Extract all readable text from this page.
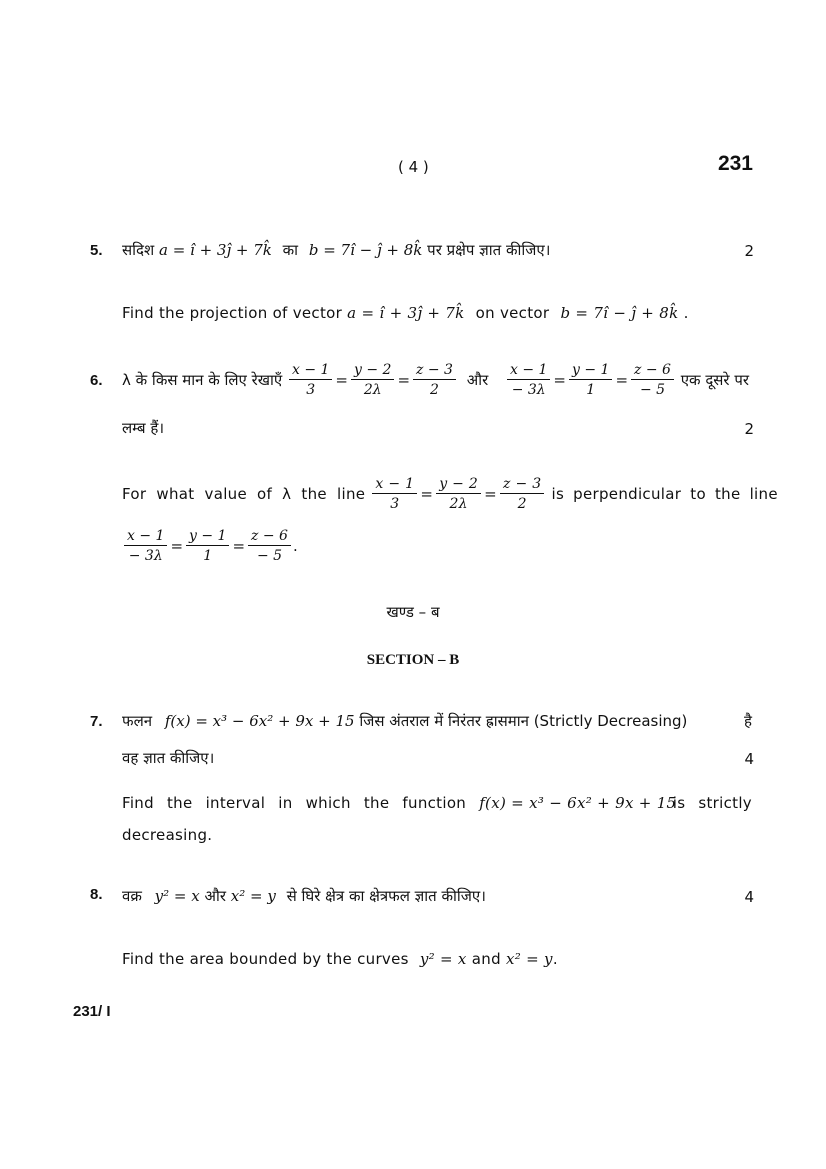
( 4 )	231
5. सदिश a = î + 3ĵ + 7k̂ का b = 7î − ĵ + 8k̂ पर प्रक्षेप ज्ञात कीजिए।	2
Find the projection of vector a = î + 3ĵ + 7k̂ on vector b = 7î − ĵ + 8k̂ .
6. λ के किस मान के लिए रेखाएँ $\frac{x - 1}{3} = \frac{y - 2}{2\lambda} = \frac{z - 3}{2}$ और $\frac{x - 1}{- 3\lambda} = \frac{y - 1}{1} = \frac{z - 6}{- 5}$ एक दूसरे पर
लम्ब हैं।	2
For what value of λ the line $\frac{x - 1}{3} = \frac{y - 2}{2\lambda} = \frac{z - 3}{2}$ is perpendicular to the line
$\frac{x - 1}{- 3\lambda} = \frac{y - 1}{1} = \frac{z - 6}{- 5}$ .
खण्ड – ब
SECTION – B
7. फलन f(x) = x³ − 6x² + 9x + 15 जिस अंतराल में निरंतर ह्रासमान (Strictly Decreasing)	है
वह ज्ञात कीजिए।	4
Find the interval in which the function f(x) = x³ − 6x² + 9x + 15
is strictly
decreasing.
8. वक्र y² = x और x² = y से घिरे क्षेत्र का क्षेत्रफल ज्ञात कीजिए।	4
Find the area bounded by the curves y² = x and x² = y.
231/ I
